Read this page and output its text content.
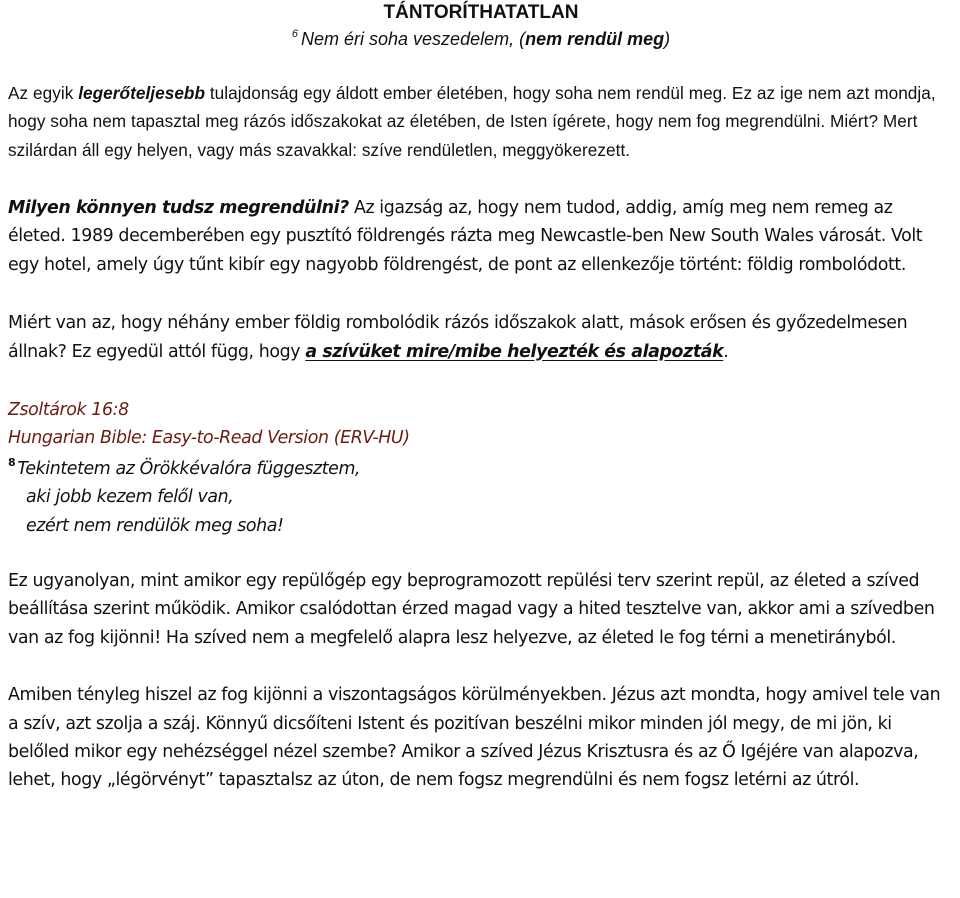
TÁNTORÍTHATATLAN
$^6$ Nem éri soha veszedelem, (nem rendül meg)

Az egyik legerőteljesebb tulajdonság egy áldott ember életében, hogy soha nem rendül meg. Ez az ige nem azt mondja, hogy soha nem tapasztal meg rázós időszakokat az életében, de Isten ígérete, hogy nem fog megrendülni. Miért? Mert szilárdan áll egy helyen, vagy más szavakkal: szíve rendületlen, meggyökerezett.

Milyen könnyen tudsz megrendülni? Az igazság az, hogy nem tudod, addig, amíg meg nem remeg az életed. 1989 decemberében egy pusztító földrengés rázta meg Newcastle-ben New South Wales városát. Volt egy hotel, amely úgy tűnt kibír egy nagyobb földrengést, de pont az ellenkezője történt: földig rombolódott.

Miért van az, hogy néhány ember földig rombolódik rázós időszakok alatt, mások erősen és győzedelmesen állnak? Ez egyedül attól függ, hogy a szívüket mire/mibe helyezték és alapozták.

Zsoltárok 16:8
Hungarian Bible: Easy-to-Read Version (ERV-HU)
$^8$ Tekintetem az Örökkévalóra függesztem,
aki jobb kezem felől van,
ezért nem rendülök meg soha!

Ez ugyanolyan, mint amikor egy repülőgép egy beprogramozott repülési terv szerint repül, az életed a szíved beállítása szerint működik. Amikor csalódottan érzed magad vagy a hited tesztelve van, akkor ami a szívedben van az fog kijönni! Ha szíved nem a megfelelő alapra lesz helyezve, az életed le fog térni a menetirányból.

Amiben tényleg hiszel az fog kijönni a viszontagságos körülményekben. Jézus azt mondta, hogy amivel tele van a szív, azt szolja a száj. Könnyű dicsőíteni Istent és pozitívan beszélni mikor minden jól megy, de mi jön, ki belőled mikor egy nehézséggel nézel szembe? Amikor a szíved Jézus Krisztusra és az Ő Igéjére van alapozva, lehet, hogy „légörvényt” tapasztalsz az úton, de nem fogsz megrendülni és nem fogsz letérni az útról.
